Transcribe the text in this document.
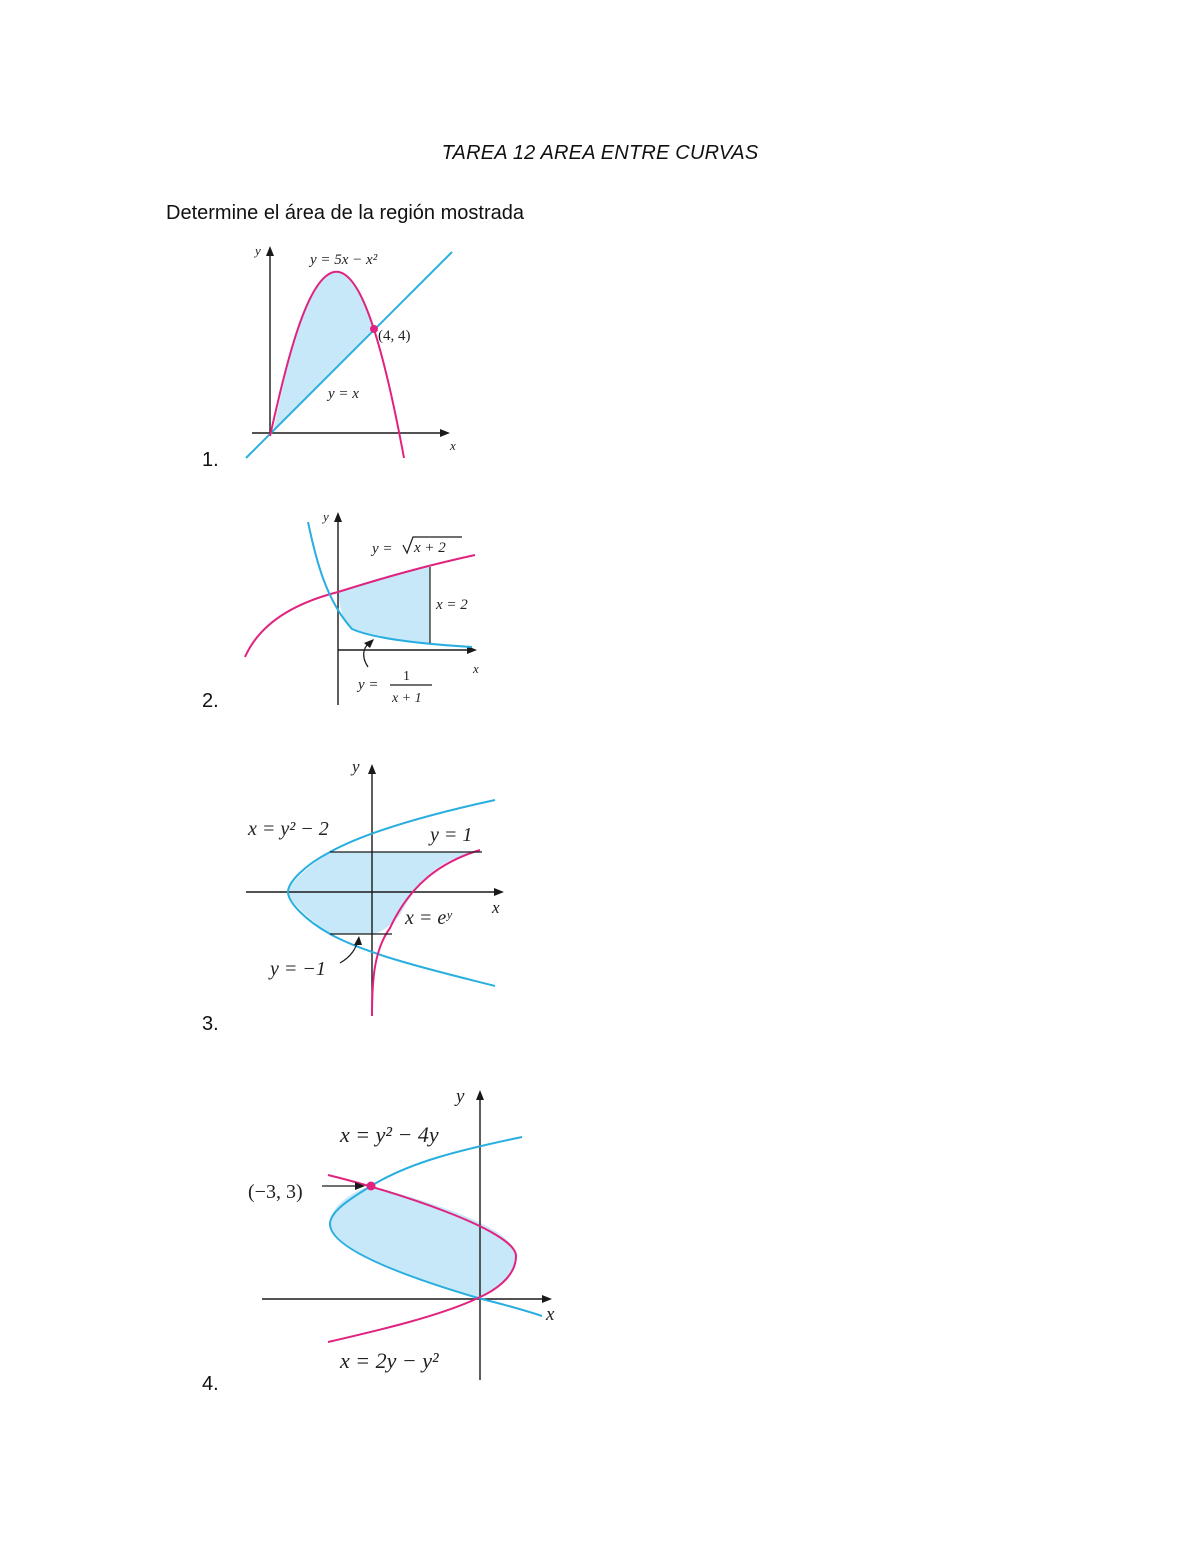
TAREA 12 AREA ENTRE CURVAS
Determine el área de la región mostrada
1.
y
x
y = 5x − x²
(4, 4)
y = x
2.
y
x
y = x + 2
x = 2
y =
1
x + 1
3.
y
x
x = y² − 2	y = 1
x = eʸ
y = −1
4.
y
x
x = y² − 4y
(−3, 3)
x = 2y − y²
